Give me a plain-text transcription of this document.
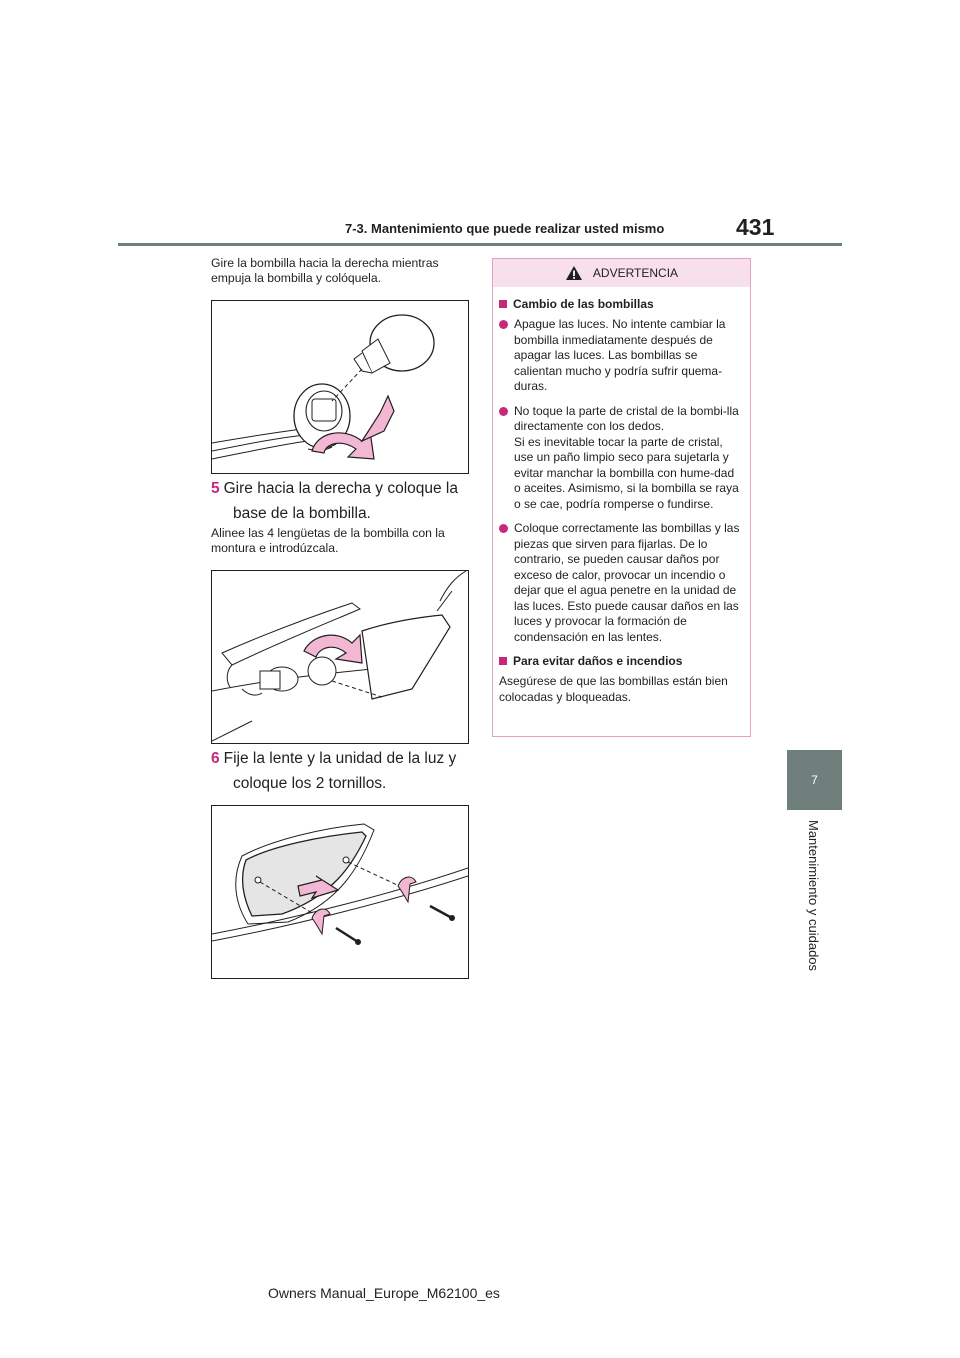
7-3. Mantenimiento que puede realizar usted mismo	431
7
Mantenimiento y cuidados
Gire la bombilla hacia la derecha mientras empuja la bombilla y colóquela.
5 Gire hacia la derecha y coloque la
base de la bombilla.
Alinee las 4 lengüetas de la bombilla con la montura e introdúzcala.
6 Fije la lente y la unidad de la luz y
coloque los 2 tornillos.
ADVERTENCIA
Cambio de las bombillas
Apague las luces. No intente cambiar la bombilla inmediatamente después de apagar las luces. Las bombillas se calientan mucho y podría sufrir quema-duras.
No toque la parte de cristal de la bombi-lla directamente con los dedos.
Si es inevitable tocar la parte de cristal, use un paño limpio seco para sujetarla y evitar manchar la bombilla con hume-dad o aceites. Asimismo, si la bombilla se raya o se cae, podría romperse o fundirse.
Coloque correctamente las bombillas y las piezas que sirven para fijarlas. De lo contrario, se pueden causar daños por exceso de calor, provocar un incendio o dejar que el agua penetre en la unidad de las luces. Esto puede causar daños en las luces y provocar la formación de condensación en las lentes.
Para evitar daños e incendios
Asegúrese de que las bombillas están bien colocadas y bloqueadas.
Owners Manual_Europe_M62100_es
